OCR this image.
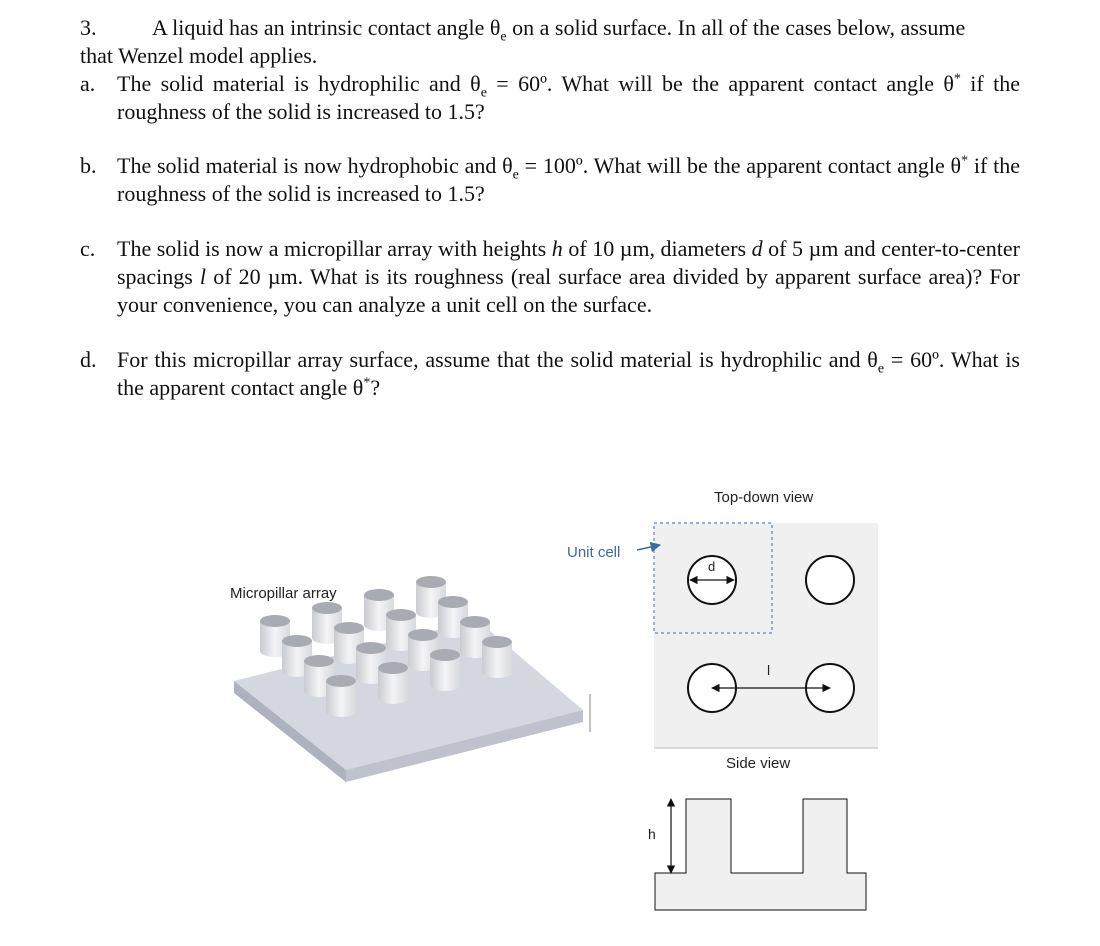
3.	A liquid has an intrinsic contact angle $\theta_e$ on a solid surface. In all of the cases below, assume

that Wenzel model applies.

a. The solid material is hydrophilic and $\theta_e$ = 60º. What will be the apparent contact angle θ* if the roughness of the solid is increased to 1.5?
b. The solid material is now hydrophobic and $\theta_e$ = 100º. What will be the apparent contact angle θ* if the roughness of the solid is increased to 1.5?
c. The solid is now a micropillar array with heights h of 10 µm, diameters d of 5 µm and center-to-center spacings l of 20 µm. What is its roughness (real surface area divided by apparent surface area)? For your convenience, you can analyze a unit cell on the surface.
d. For this micropillar array surface, assume that the solid material is hydrophilic and $\theta_e$ = 60º. What is the apparent contact angle θ*?
Micropillar array
Unit cell
Top-down view
Side view
d
l
h
